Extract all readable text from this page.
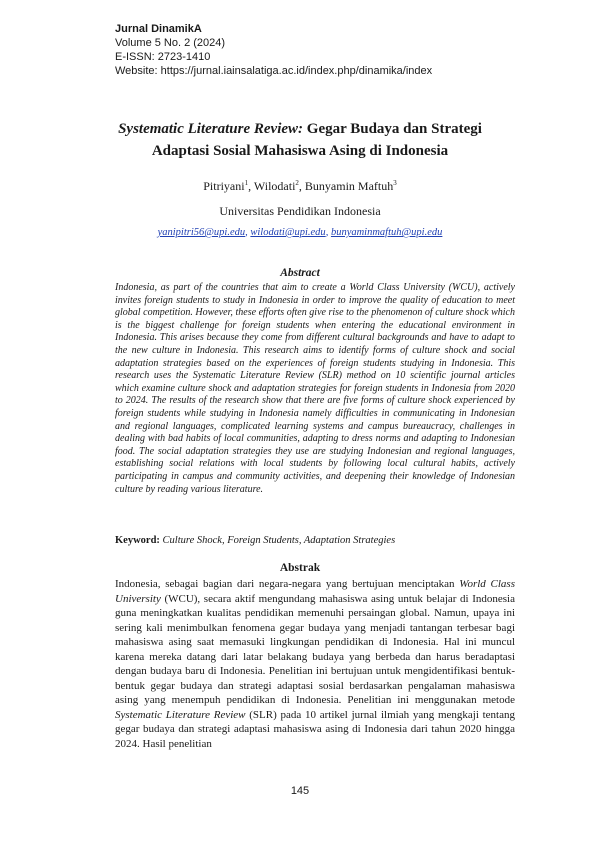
Jurnal DinamikA
Volume 5 No. 2 (2024)
E-ISSN: 2723-1410
Website: https://jurnal.iainsalatiga.ac.id/index.php/dinamika/index
Systematic Literature Review: Gegar Budaya dan Strategi
Adaptasi Sosial Mahasiswa Asing di Indonesia
Pitriyani$^1$, Wilodati$^2$, Bunyamin Maftuh$^3$
Universitas Pendidikan Indonesia
yanipitri56@upi.edu, wilodati@upi.edu, bunyaminmaftuh@upi.edu
Abstract
Indonesia, as part of the countries that aim to create a World Class University (WCU), actively invites foreign students to study in Indonesia in order to improve the quality of education to meet global competition. However, these efforts often give rise to the phenomenon of culture shock which is the biggest challenge for foreign students when entering the educational environment in Indonesia. This arises because they come from different cultural backgrounds and have to adapt to the new culture in Indonesia. This research aims to identify forms of culture shock and social adaptation strategies based on the experiences of foreign students studying in Indonesia. This research uses the Systematic Literature Review (SLR) method on 10 scientific journal articles which examine culture shock and adaptation strategies for foreign students in Indonesia from 2020 to 2024. The results of the research show that there are five forms of culture shock experienced by foreign students while studying in Indonesia namely difficulties in communicating in Indonesian and regional languages, complicated learning systems and campus bureaucracy, challenges in dealing with bad habits of local communities, adapting to dress norms and adapting to Indonesian food. The social adaptation strategies they use are studying Indonesian and regional languages, establishing social relations with local students by following local cultural habits, actively participating in campus and community activities, and deepening their knowledge of Indonesian culture by reading various literature.
Keyword: Culture Shock, Foreign Students, Adaptation Strategies
Abstrak
Indonesia, sebagai bagian dari negara-negara yang bertujuan menciptakan World Class University (WCU), secara aktif mengundang mahasiswa asing untuk belajar di Indonesia guna meningkatkan kualitas pendidikan memenuhi persaingan global. Namun, upaya ini sering kali menimbulkan fenomena gegar budaya yang menjadi tantangan terbesar bagi mahasiswa asing saat memasuki lingkungan pendidikan di Indonesia. Hal ini muncul karena mereka datang dari latar belakang budaya yang berbeda dan harus beradaptasi dengan budaya baru di Indonesia. Penelitian ini bertujuan untuk mengidentifikasi bentuk-bentuk gegar budaya dan strategi adaptasi sosial berdasarkan pengalaman mahasiswa asing yang menempuh pendidikan di Indonesia. Penelitian ini menggunakan metode Systematic Literature Review (SLR) pada 10 artikel jurnal ilmiah yang mengkaji tentang gegar budaya dan strategi adaptasi mahasiswa asing di Indonesia dari tahun 2020 hingga 2024. Hasil penelitian
145
